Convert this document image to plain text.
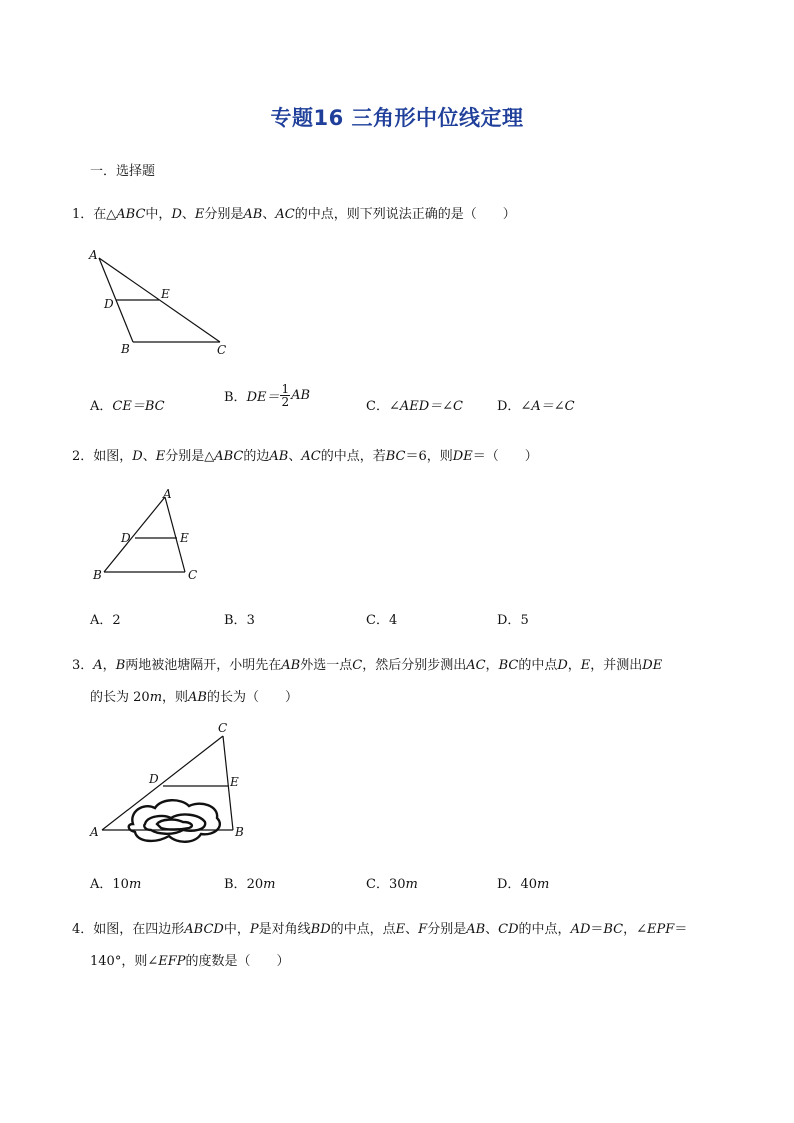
专题16 三角形中位线定理
一．选择题
1．在△ABC中，D、E分别是AB、AC的中点，则下列说法正确的是（　　）
A
D
E
B	C
A．CE＝BC
B．$DE= \frac{1}{2}$ AB
C．∠AED＝∠C	D．∠A＝∠C
2．如图，D、E分别是△ABC的边AB、AC的中点，若BC＝6，则DE＝（　　）
A
D	E
B	C
A．2	B．3	C．4	D．5
3．A，B两地被池塘隔开，小明先在AB外选一点C，然后分别步测出AC，BC的中点D，E，并测出DE
的长为 20m，则AB的长为（　　）
C
D	E
A	B
A．10m	B．20m	C．30m	D．40m
4．如图，在四边形ABCD中，P是对角线BD的中点，点E、F分别是AB、CD的中点，AD＝BC，∠EPF＝
140°，则∠EFP的度数是（　　）
